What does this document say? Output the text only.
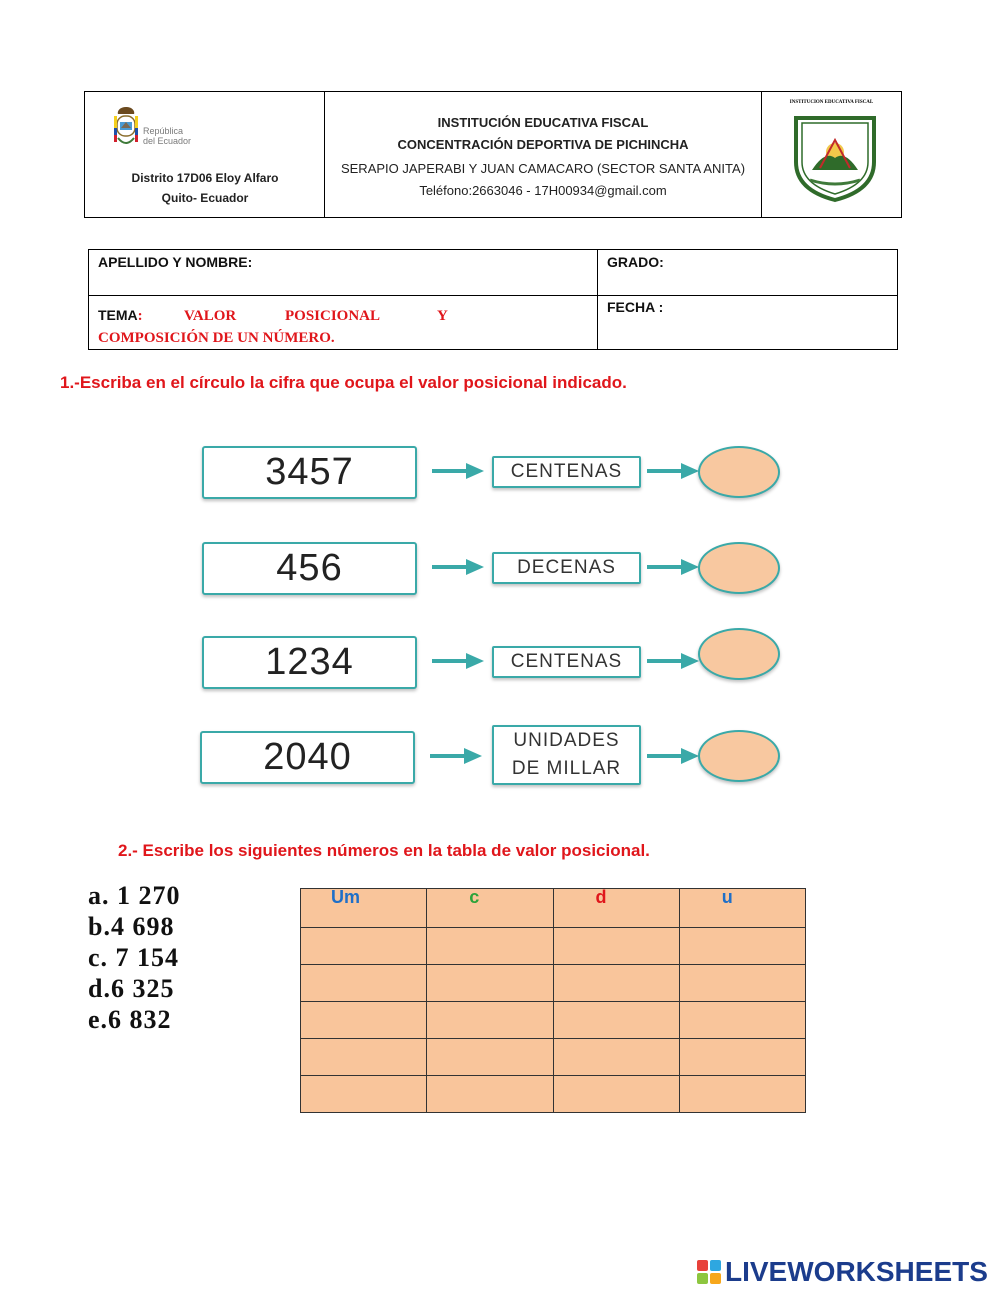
República
del Ecuador
Distrito 17D06 Eloy Alfaro
Quito- Ecuador
INSTITUCIÓN EDUCATIVA FISCAL
CONCENTRACIÓN DEPORTIVA DE PICHINCHA
SERAPIO JAPERABI Y JUAN CAMACARO (SECTOR SANTA ANITA)
Teléfono:2663046 - 17H00934@gmail.com
INSTITUCION EDUCATIVA FISCAL
APELLIDO Y NOMBRE:	GRADO:
TEMA:	VALOR	POSICIONAL	Y
COMPOSICIÓN DE UN NÚMERO.
FECHA :
1.-Escriba en el círculo la cifra que ocupa el valor posicional indicado.
3457	CENTENAS
456	DECENAS
1234	CENTENAS
2040	UNIDADES
DE MILLAR
2.- Escribe los siguientes números en la tabla de valor posicional.
a. 1 270
b.4 698
c. 7 154
d.6 325
e.6 832
Um	c	d	u

LIVEWORKSHEETS
